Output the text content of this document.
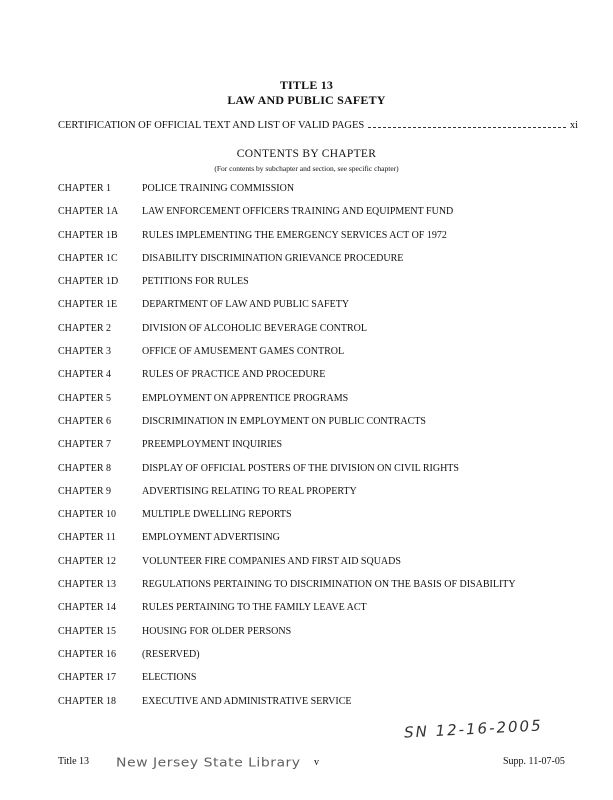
TITLE 13
LAW AND PUBLIC SAFETY
CERTIFICATION OF OFFICIAL TEXT AND LIST OF VALID PAGES	xi
CONTENTS BY CHAPTER
(For contents by subchapter and section, see specific chapter)
CHAPTER 1	POLICE TRAINING COMMISSION
CHAPTER 1A	LAW ENFORCEMENT OFFICERS TRAINING AND EQUIPMENT FUND
CHAPTER 1B	RULES IMPLEMENTING THE EMERGENCY SERVICES ACT OF 1972
CHAPTER 1C	DISABILITY DISCRIMINATION GRIEVANCE PROCEDURE
CHAPTER 1D	PETITIONS FOR RULES
CHAPTER 1E	DEPARTMENT OF LAW AND PUBLIC SAFETY
CHAPTER 2	DIVISION OF ALCOHOLIC BEVERAGE CONTROL
CHAPTER 3	OFFICE OF AMUSEMENT GAMES CONTROL
CHAPTER 4	RULES OF PRACTICE AND PROCEDURE
CHAPTER 5	EMPLOYMENT ON APPRENTICE PROGRAMS
CHAPTER 6	DISCRIMINATION IN EMPLOYMENT ON PUBLIC CONTRACTS
CHAPTER 7	PREEMPLOYMENT INQUIRIES
CHAPTER 8	DISPLAY OF OFFICIAL POSTERS OF THE DIVISION ON CIVIL RIGHTS
CHAPTER 9	ADVERTISING RELATING TO REAL PROPERTY
CHAPTER 10	MULTIPLE DWELLING REPORTS
CHAPTER 11	EMPLOYMENT ADVERTISING
CHAPTER 12	VOLUNTEER FIRE COMPANIES AND FIRST AID SQUADS
CHAPTER 13	REGULATIONS PERTAINING TO DISCRIMINATION ON THE BASIS OF DISABILITY
CHAPTER 14	RULES PERTAINING TO THE FAMILY LEAVE ACT
CHAPTER 15	HOUSING FOR OLDER PERSONS
CHAPTER 16	(RESERVED)
CHAPTER 17	ELECTIONS
CHAPTER 18	EXECUTIVE AND ADMINISTRATIVE SERVICE
SN 12-16-2005
Title 13 New Jersey State Library v	Supp. 11-07-05
